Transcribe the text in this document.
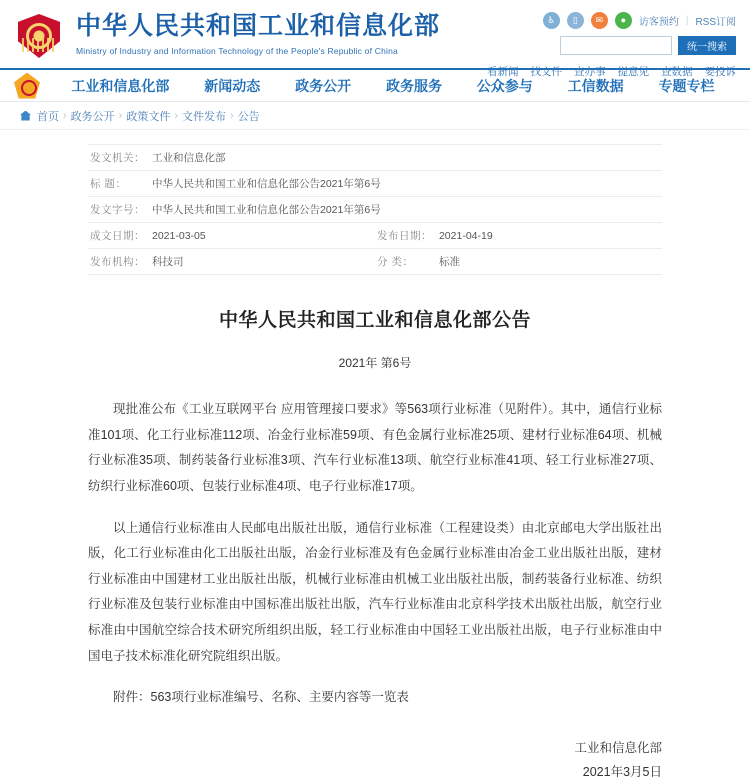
中华人民共和国工业和信息化部
Ministry of Industry and Information Technology of the People's Republic of China
♿	▯	✉	●	访客预约 | RSS订阅
统一搜索
看新闻 找文件 查办事 提意见 查数据 要投诉
工业和信息化部 新闻动态 政务公开 政务服务 公众参与 工信数据 专题专栏
首页 › 政务公开 › 政策文件 › 文件发布 › 公告
发文机关：	工业和信息化部		
标 题：	中华人民共和国工业和信息化部公告2021年第6号		
发文字号：	中华人民共和国工业和信息化部公告2021年第6号		
成文日期：	2021-03-05	发布日期：	2021-04-19
发布机构：	科技司	分 类：	标准
中华人民共和国工业和信息化部公告
2021年 第6号

现批准公布《工业互联网平台 应用管理接口要求》等563项行业标准（见附件）。其中，通信行业标准101项、化工行业标准112项、冶金行业标准59项、有色金属行业标准25项、建材行业标准64项、机械行业标准35项、制药装备行业标准3项、汽车行业标准13项、航空行业标准41项、轻工行业标准27项、纺织行业标准60项、包装行业标准4项、电子行业标准17项。

以上通信行业标准由人民邮电出版社出版，通信行业标准（工程建设类）由北京邮电大学出版社出版，化工行业标准由化工出版社出版，冶金行业标准及有色金属行业标准由冶金工业出版社出版，建材行业标准由中国建材工业出版社出版，机械行业标准由机械工业出版社出版，制药装备行业标准、纺织行业标准及包装行业标准由中国标准出版社出版，汽车行业标准由北京科学技术出版社出版，航空行业标准由中国航空综合技术研究所组织出版，轻工行业标准由中国轻工业出版社出版，电子行业标准由中国电子技术标准化研究院组织出版。

附件：563项行业标准编号、名称、主要内容等一览表

工业和信息化部
2021年3月5日
